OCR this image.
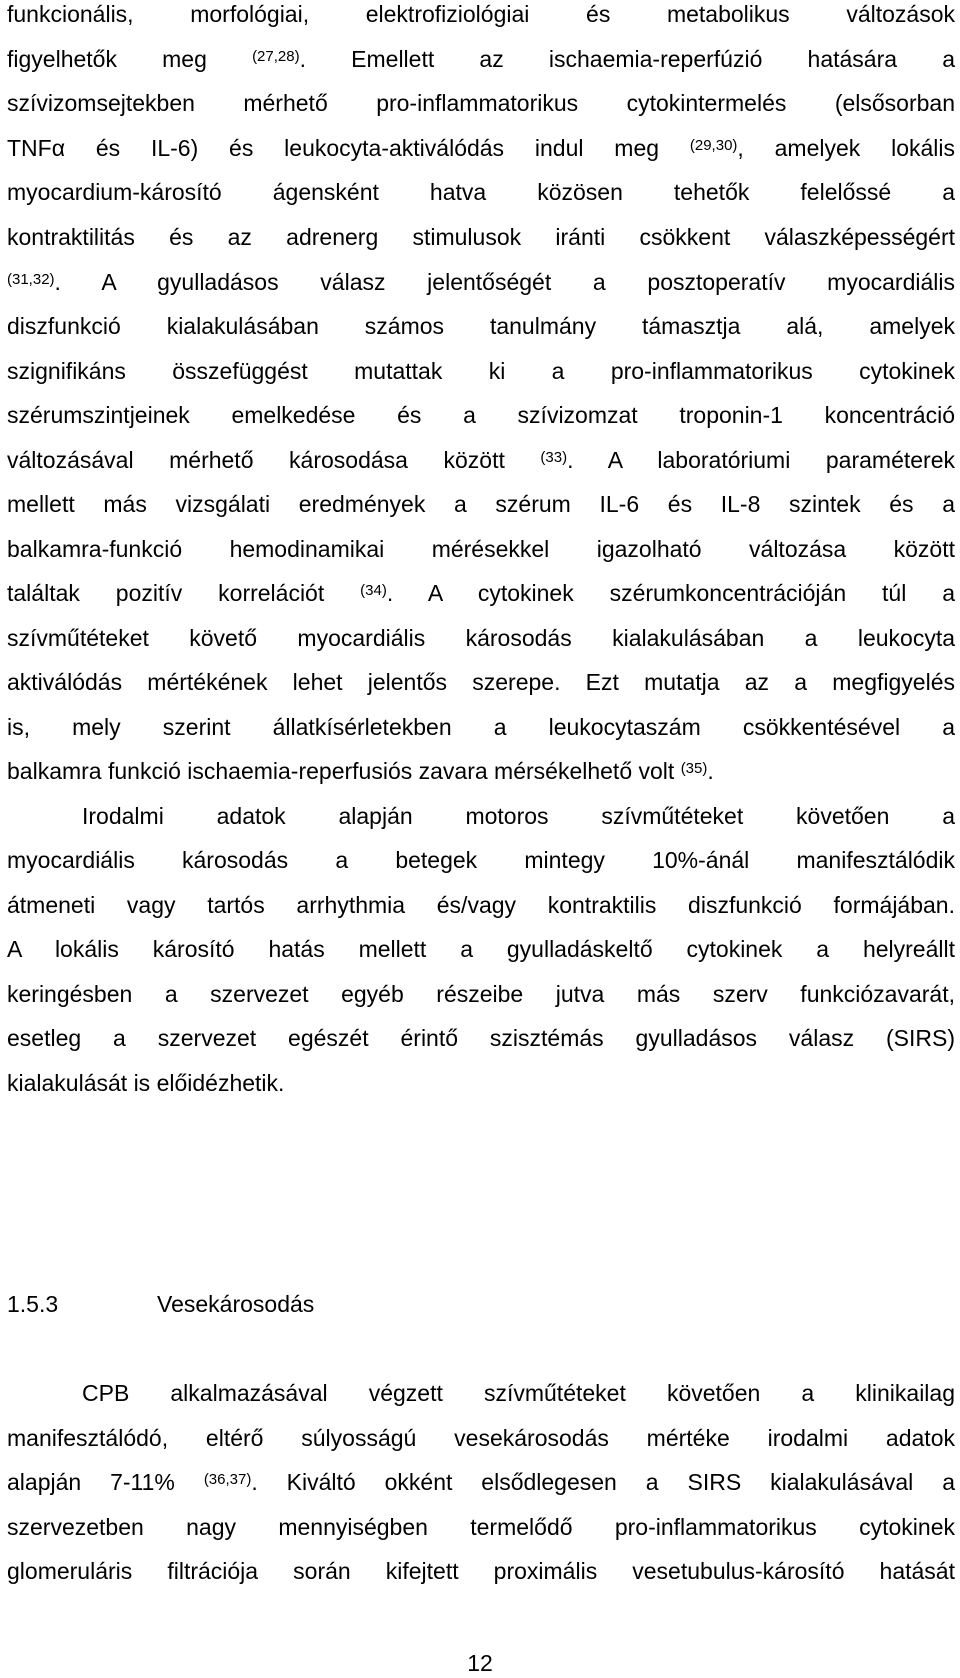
funkcionális, morfológiai, elektrofiziológiai és metabolikus változások
figyelhetők meg $^{(27,28)}$. Emellett az ischaemia-reperfúzió hatására a
szívizomsejtekben mérhető pro-inflammatorikus cytokintermelés (elsősorban
TNFα és IL-6) és leukocyta-aktiválódás indul meg $^{(29,30)}$, amelyek lokális
myocardium-károsító ágensként hatva közösen tehetők felelőssé a
kontraktilitás és az adrenerg stimulusok iránti csökkent válaszképességért
$^{(31,32)}$. A gyulladásos válasz jelentőségét a posztoperatív myocardiális
diszfunkció kialakulásában számos tanulmány támasztja alá, amelyek
szignifikáns összefüggést mutattak ki a pro-inflammatorikus cytokinek
szérumszintjeinek emelkedése és a szívizomzat troponin-1 koncentráció
változásával mérhető károsodása között $^{(33)}$. A laboratóriumi paraméterek
mellett más vizsgálati eredmények a szérum IL-6 és IL-8 szintek és a
balkamra-funkció hemodinamikai mérésekkel igazolható változása között
találtak pozitív korrelációt $^{(34)}$. A cytokinek szérumkoncentrációján túl a
szívműtéteket követő myocardiális károsodás kialakulásában a leukocyta
aktiválódás mértékének lehet jelentős szerepe. Ezt mutatja az a megfigyelés
is, mely szerint állatkísérletekben a leukocytaszám csökkentésével a
balkamra funkció ischaemia-reperfusiós zavara mérsékelhető volt $^{(35)}$.
Irodalmi adatok alapján motoros szívműtéteket követően a
myocardiális károsodás a betegek mintegy 10%-ánál manifesztálódik
átmeneti vagy tartós arrhythmia és/vagy kontraktilis diszfunkció formájában.
A lokális károsító hatás mellett a gyulladáskeltő cytokinek a helyreállt
keringésben a szervezet egyéb részeibe jutva más szerv funkciózavarát,
esetleg a szervezet egészét érintő szisztémás gyulladásos válasz (SIRS)
kialakulását is előidézhetik.
1.5.3	Vesekárosodás
CPB alkalmazásával végzett szívműtéteket követően a klinikailag
manifesztálódó, eltérő súlyosságú vesekárosodás mértéke irodalmi adatok
alapján 7-11% $^{(36,37)}$. Kiváltó okként elsődlegesen a SIRS kialakulásával a
szervezetben nagy mennyiségben termelődő pro-inflammatorikus cytokinek
glomeruláris filtrációja során kifejtett proximális vesetubulus-károsító hatását
12
